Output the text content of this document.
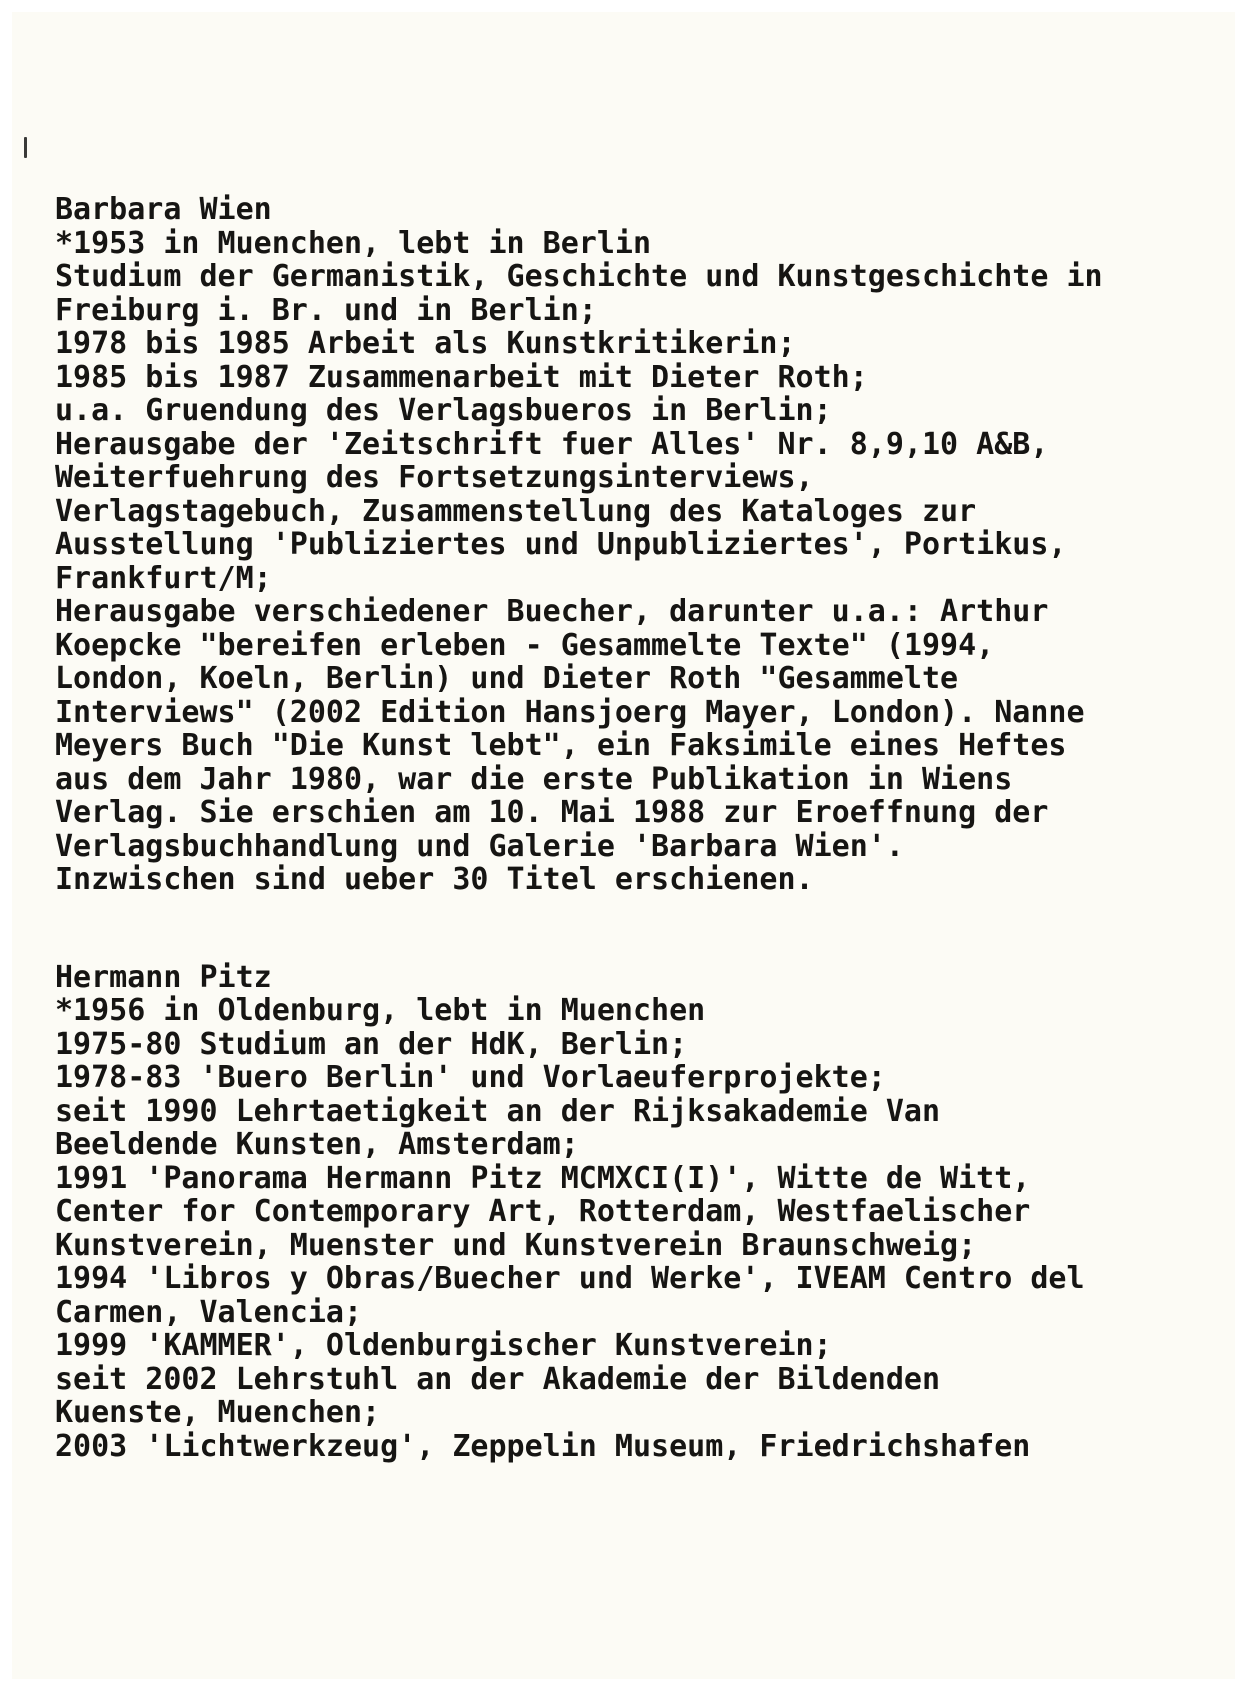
Barbara Wien
*1953 in Muenchen, lebt in Berlin
Studium der Germanistik, Geschichte und Kunstgeschichte in
Freiburg i. Br. und in Berlin;
1978 bis 1985 Arbeit als Kunstkritikerin;
1985 bis 1987 Zusammenarbeit mit Dieter Roth;
u.a. Gruendung des Verlagsbueros in Berlin;
Herausgabe der 'Zeitschrift fuer Alles' Nr. 8,9,10 A&B,
Weiterfuehrung des Fortsetzungsinterviews,
Verlagstagebuch, Zusammenstellung des Kataloges zur
Ausstellung 'Publiziertes und Unpubliziertes', Portikus,
Frankfurt/M;
Herausgabe verschiedener Buecher, darunter u.a.: Arthur
Koepcke "bereifen erleben - Gesammelte Texte" (1994,
London, Koeln, Berlin) und Dieter Roth "Gesammelte
Interviews" (2002 Edition Hansjoerg Mayer, London). Nanne
Meyers Buch "Die Kunst lebt", ein Faksimile eines Heftes
aus dem Jahr 1980, war die erste Publikation in Wiens
Verlag. Sie erschien am 10. Mai 1988 zur Eroeffnung der
Verlagsbuchhandlung und Galerie 'Barbara Wien'.
Inzwischen sind ueber 30 Titel erschienen.
Hermann Pitz
*1956 in Oldenburg, lebt in Muenchen
1975-80 Studium an der HdK, Berlin;
1978-83 'Buero Berlin' und Vorlaeuferprojekte;
seit 1990 Lehrtaetigkeit an der Rijksakademie Van
Beeldende Kunsten, Amsterdam;
1991 'Panorama Hermann Pitz MCMXCI(I)', Witte de Witt,
Center for Contemporary Art, Rotterdam, Westfaelischer
Kunstverein, Muenster und Kunstverein Braunschweig;
1994 'Libros y Obras/Buecher und Werke', IVEAM Centro del
Carmen, Valencia;
1999 'KAMMER', Oldenburgischer Kunstverein;
seit 2002 Lehrstuhl an der Akademie der Bildenden
Kuenste, Muenchen;
2003 'Lichtwerkzeug', Zeppelin Museum, Friedrichshafen
